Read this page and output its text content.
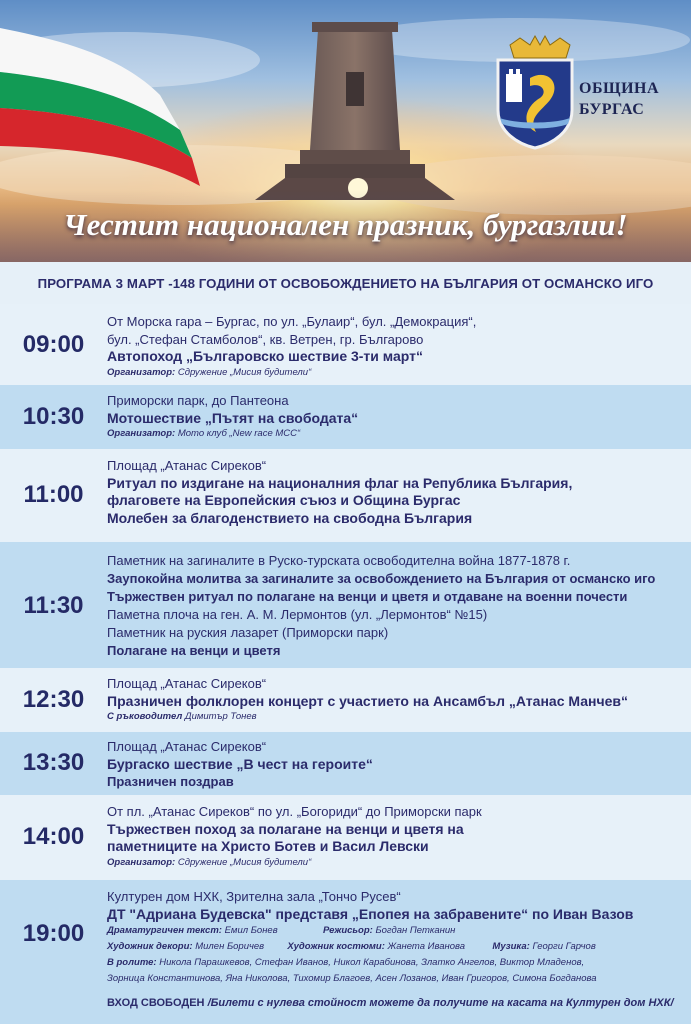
ОБЩИНА
БУРГАС
Честит национален празник, бургазлии!
ПРОГРАМА 3 МАРТ -148 ГОДИНИ ОТ ОСВОБОЖДЕНИЕТО НА БЪЛГАРИЯ ОТ ОСМАНСКО ИГО
09:00
От Морска гара – Бургас, по ул. „Булаир“, бул. „Демокрация“,
бул. „Стефан Стамболов“, кв. Ветрен, гр. Българово
Автопоход „Българовско шествие 3-ти март“
Организатор: Сдружение „Мисия будители“
10:30
Приморски парк, до Пантеона
Мотошествие „Пътят на свободата“
Организатор: Мото клуб „New race MCC“
11:00
Площад „Атанас Сиреков“
Ритуал по издигане на националния флаг на Република България,
флаговете на Европейския съюз и Община Бургас
Молебен за благоденствието на свободна България
11:30
Паметник на загиналите в Руско-турската освободителна война 1877-1878 г.
Заупокойна молитва за загиналите за освобождението на България от османско иго
Тържествен ритуал по полагане на венци и цветя и отдаване на военни почести
Паметна плоча на ген. А. М. Лермонтов (ул. „Лермонтов“ №15)
Паметник на руския лазарет (Приморски парк)
Полагане на венци и цветя
12:30
Площад „Атанас Сиреков“
Празничен фолклорен концерт с участието на Ансамбъл „Атанас Манчев“
С ръководител Димитър Тонев
13:30
Площад „Атанас Сиреков“
Бургаско шествие „В чест на героите“
Празничен поздрав
14:00
От пл. „Атанас Сиреков“ по ул. „Богориди“ до Приморски парк
Тържествен поход за полагане на венци и цветя на
паметниците на Христо Ботев и Васил Левски
Организатор: Сдружение „Мисия будители“
19:00
Културен дом НХК, Зрителна зала „Тончо Русев“
ДТ "Адриана Будевска" представя „Епопея на забравените“ по Иван Вазов
Драматургичен текст: Емил Бонев	Режисьор: Богдан Петканин
Художник декори: Милен Боричев Художник костюми: Жанета Иванова	Музика: Георги Гарчов
В ролите: Никола Парашкевов, Стефан Иванов, Никол Карабинова, Златко Ангелов, Виктор Младенов,
Зорница Константинова, Яна Николова, Тихомир Благоев, Асен Лозанов, Иван Григоров, Симона Богданова
ВХОД СВОБОДЕН /Билети с нулева стойност можете да получите на касата на Културен дом НХК/
